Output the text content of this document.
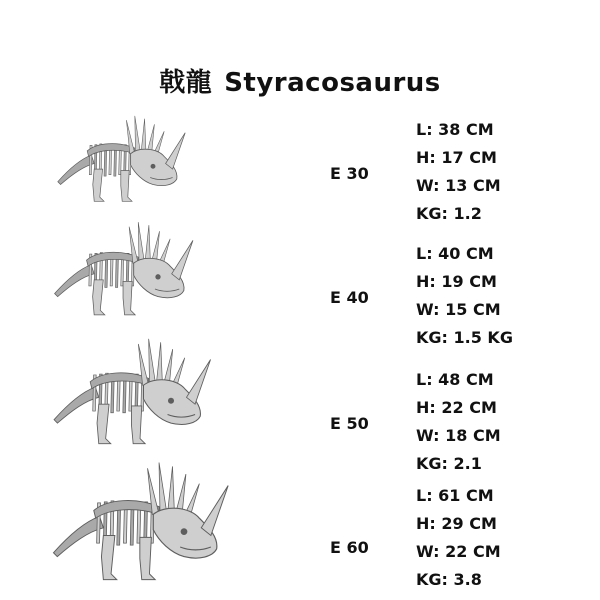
戟龍 Styracosaurus
E 30
L: 38 CM
H: 17 CM
W: 13 CM
KG: 1.2
E 40
L: 40 CM
H: 19 CM
W: 15 CM
KG: 1.5 KG
E 50
L: 48 CM
H: 22 CM
W: 18 CM
KG: 2.1
E 60
L: 61 CM
H: 29 CM
W: 22 CM
KG: 3.8
